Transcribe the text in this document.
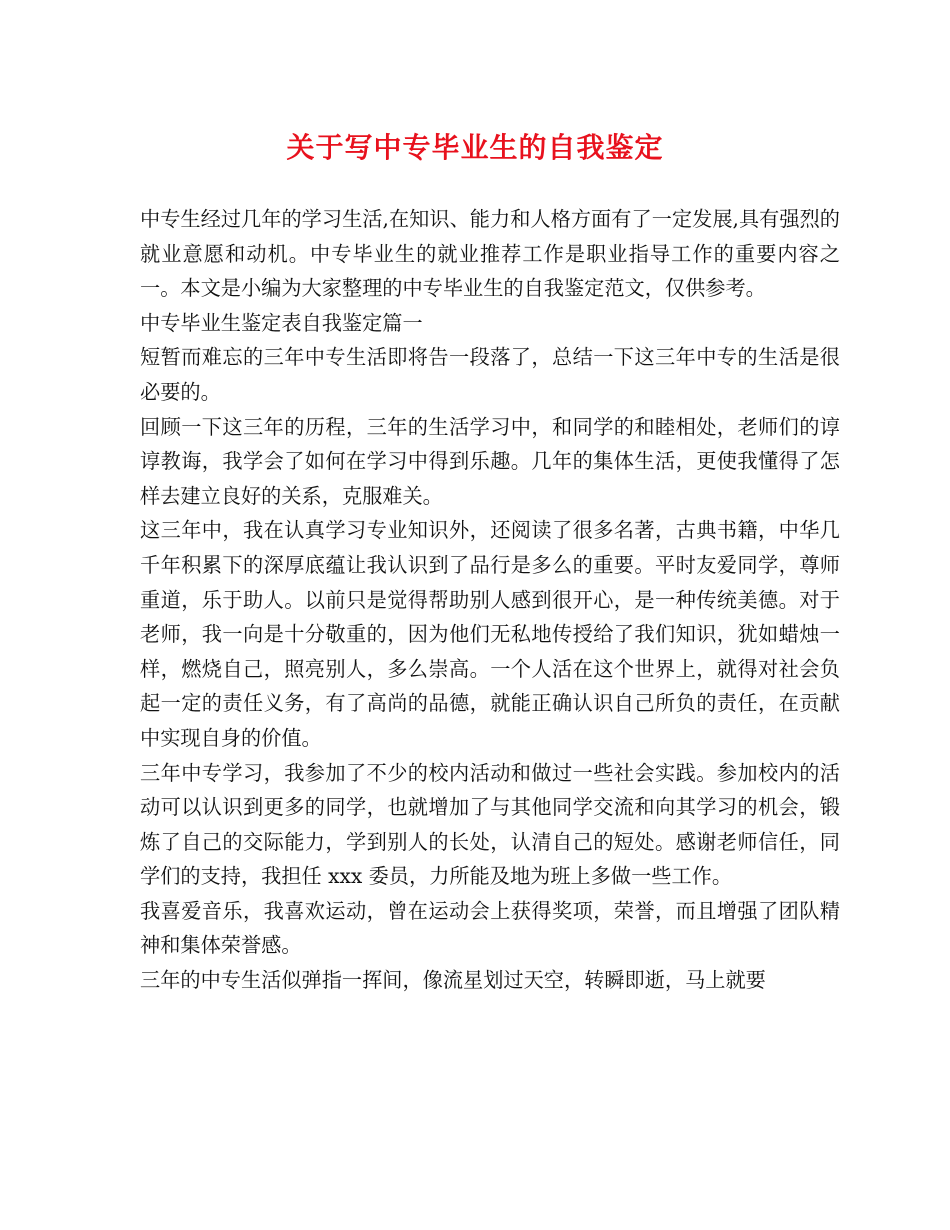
关于写中专毕业生的自我鉴定

中专生经过几年的学习生活,在知识、能力和人格方面有了一定发展,具有强烈的就业意愿和动机。中专毕业生的就业推荐工作是职业指导工作的重要内容之一。本文是小编为大家整理的中专毕业生的自我鉴定范文，仅供参考。

中专毕业生鉴定表自我鉴定篇一

短暂而难忘的三年中专生活即将告一段落了，总结一下这三年中专的生活是很必要的。

回顾一下这三年的历程，三年的生活学习中，和同学的和睦相处，老师们的谆谆教诲，我学会了如何在学习中得到乐趣。几年的集体生活，更使我懂得了怎样去建立良好的关系，克服难关。

这三年中，我在认真学习专业知识外，还阅读了很多名著，古典书籍，中华几千年积累下的深厚底蕴让我认识到了品行是多么的重要。平时友爱同学，尊师重道，乐于助人。以前只是觉得帮助别人感到很开心，是一种传统美德。对于老师，我一向是十分敬重的，因为他们无私地传授给了我们知识，犹如蜡烛一样，燃烧自己，照亮别人，多么崇高。一个人活在这个世界上，就得对社会负起一定的责任义务，有了高尚的品德，就能正确认识自己所负的责任，在贡献中实现自身的价值。

三年中专学习，我参加了不少的校内活动和做过一些社会实践。参加校内的活动可以认识到更多的同学，也就增加了与其他同学交流和向其学习的机会，锻炼了自己的交际能力，学到别人的长处，认清自己的短处。感谢老师信任，同学们的支持，我担任 xxx 委员，力所能及地为班上多做一些工作。

我喜爱音乐，我喜欢运动，曾在运动会上获得奖项，荣誉，而且增强了团队精神和集体荣誉感。

三年的中专生活似弹指一挥间，像流星划过天空，转瞬即逝，马上就要
